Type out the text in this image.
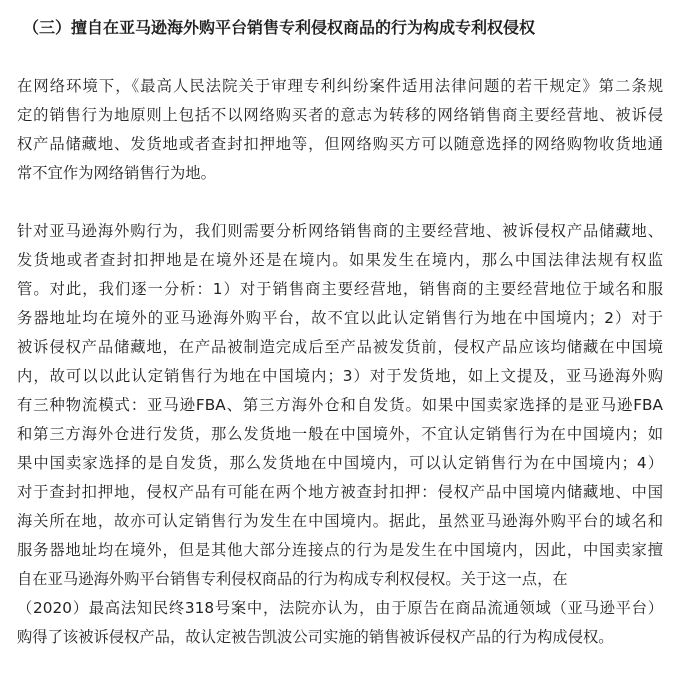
（三）擅自在亚马逊海外购平台销售专利侵权商品的行为构成专利权侵权

在网络环境下，《最高人民法院关于审理专利纠纷案件适用法律问题的若干规定》第二条规
定的销售行为地原则上包括不以网络购买者的意志为转移的网络销售商主要经营地、被诉侵
权产品储藏地、发货地或者查封扣押地等，但网络购买方可以随意选择的网络购物收货地通
常不宜作为网络销售行为地。

针对亚马逊海外购行为，我们则需要分析网络销售商的主要经营地、被诉侵权产品储藏地、
发货地或者查封扣押地是在境外还是在境内。如果发生在境内，那么中国法律法规有权监
管。对此，我们逐一分析：1）对于销售商主要经营地，销售商的主要经营地位于域名和服
务器地址均在境外的亚马逊海外购平台，故不宜以此认定销售行为地在中国境内；2）对于
被诉侵权产品储藏地，在产品被制造完成后至产品被发货前，侵权产品应该均储藏在中国境
内，故可以以此认定销售行为地在中国境内；3）对于发货地，如上文提及，亚马逊海外购
有三种物流模式：亚马逊FBA、第三方海外仓和自发货。如果中国卖家选择的是亚马逊FBA
和第三方海外仓进行发货，那么发货地一般在中国境外，不宜认定销售行为在中国境内；如
果中国卖家选择的是自发货，那么发货地在中国境内，可以认定销售行为在中国境内；4）
对于查封扣押地，侵权产品有可能在两个地方被查封扣押：侵权产品中国境内储藏地、中国
海关所在地，故亦可认定销售行为发生在中国境内。据此，虽然亚马逊海外购平台的域名和
服务器地址均在境外，但是其他大部分连接点的行为是发生在中国境内，因此，中国卖家擅
自在亚马逊海外购平台销售专利侵权商品的行为构成专利权侵权。关于这一点，在
（2020）最高法知民终318号案中，法院亦认为，由于原告在商品流通领域（亚马逊平台）
购得了该被诉侵权产品，故认定被告凯波公司实施的销售被诉侵权产品的行为构成侵权。
